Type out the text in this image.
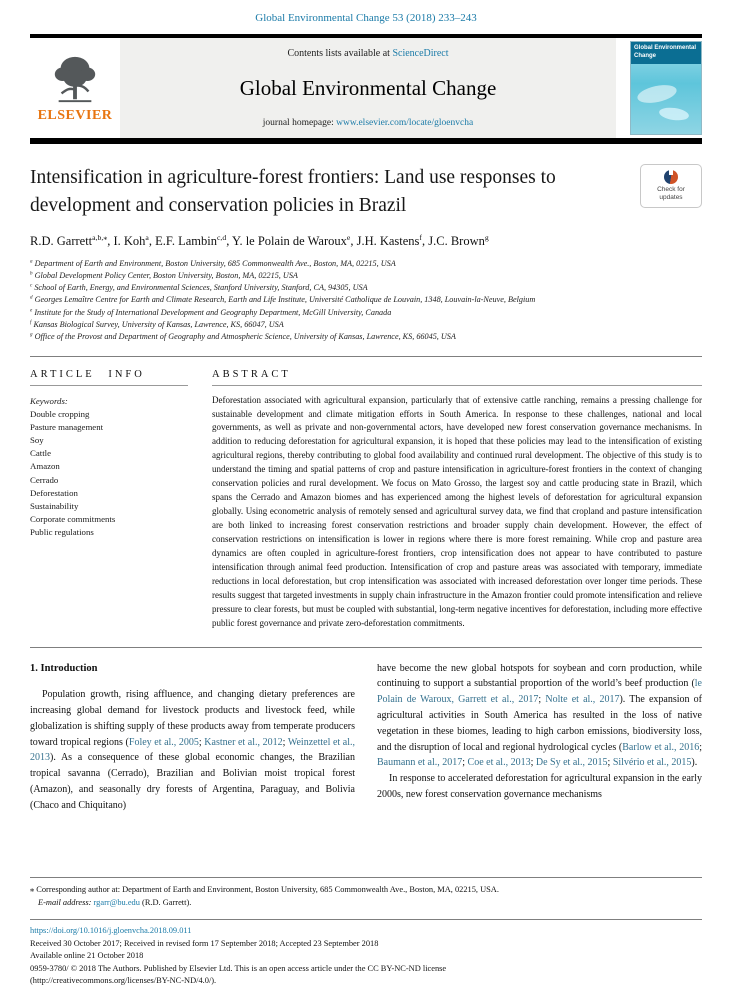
Global Environmental Change 53 (2018) 233–243
ELSEVIER
Contents lists available at ScienceDirect
Global Environmental Change
journal homepage: www.elsevier.com/locate/gloenvcha
Global Environmental Change
Intensification in agriculture-forest frontiers: Land use responses to development and conservation policies in Brazil
Check for
updates
R.D. Garrett$^{a,b,⁎}$, I. Koh$^a$, E.F. Lambin$^{c,d}$, Y. le Polain de Waroux$^e$, J.H. Kastens$^f$, J.C. Brown$^g$
$^a$ Department of Earth and Environment, Boston University, 685 Commonwealth Ave., Boston, MA, 02215, USA
$^b$ Global Development Policy Center, Boston University, Boston, MA, 02215, USA
$^c$ School of Earth, Energy, and Environmental Sciences, Stanford University, Stanford, CA, 94305, USA
$^d$ Georges Lemaître Centre for Earth and Climate Research, Earth and Life Institute, Université Catholique de Louvain, 1348, Louvain-la-Neuve, Belgium
$^e$ Institute for the Study of International Development and Geography Department, McGill University, Canada
$^f$ Kansas Biological Survey, University of Kansas, Lawrence, KS, 66047, USA
$^g$ Office of the Provost and Department of Geography and Atmospheric Science, University of Kansas, Lawrence, KS, 66045, USA
ARTICLE INFO
Keywords:
Double cropping
Pasture management
Soy
Cattle
Amazon
Cerrado
Deforestation
Sustainability
Corporate commitments
Public regulations
ABSTRACT
Deforestation associated with agricultural expansion, particularly that of extensive cattle ranching, remains a pressing challenge for sustainable development and climate mitigation efforts in South America. In response to these challenges, national and local governments, as well as private and non-governmental actors, have developed new forest conservation governance mechanisms. In addition to reducing deforestation for agricultural expansion, it is hoped that these policies may lead to the intensification of existing agricultural regions, thereby contributing to global food availability and continued rural development. The objective of this study is to understand the timing and spatial patterns of crop and pasture intensification in agriculture-forest frontiers in the context of changing conservation policies and rural development. We focus on Mato Grosso, the largest soy and cattle producing state in Brazil, which spans the Cerrado and Amazon biomes and has experienced among the highest levels of deforestation for agricultural expansion globally. Using econometric analysis of remotely sensed and agricultural survey data, we find that cropland and pasture intensification are both linked to increasing forest conservation restrictions and broader supply chain development. However, the effect of conservation restrictions on intensification is lower in regions where there is more forest remaining. While crop and pasture area dynamics are often coupled in agriculture-forest frontiers, crop intensification does not appear to have contributed to pasture intensification through animal feed production. Intensification of crop and pasture areas was associated with temporary, immediate reductions in local deforestation, but crop intensification was associated with increased deforestation over longer time periods. These results suggest that targeted investments in supply chain infrastructure in the Amazon frontier could promote intensification and relieve pressure to clear forests, but must be coupled with substantial, long-term negative incentives for deforestation, including more effective public forest governance and private zero-deforestation commitments.
1. Introduction

Population growth, rising affluence, and changing dietary preferences are increasing global demand for livestock products and livestock feed, while globalization is shifting supply of these products away from temperate producers toward tropical regions (Foley et al., 2005; Kastner et al., 2012; Weinzettel et al., 2013). As a consequence of these global economic changes, the Brazilian tropical savanna (Cerrado), Brazilian and Bolivian moist tropical forest (Amazon), and seasonally dry forests of Argentina, Paraguay, and Bolivia (Chaco and Chiquitano)

have become the new global hotspots for soybean and corn production, while continuing to support a substantial proportion of the world’s beef production (le Polain de Waroux, Garrett et al., 2017; Nolte et al., 2017). The expansion of agricultural activities in South America has resulted in the loss of native vegetation in these biomes, leading to high carbon emissions, biodiversity loss, and the disruption of local and regional hydrological cycles (Barlow et al., 2016; Baumann et al., 2017; Coe et al., 2013; De Sy et al., 2015; Silvério et al., 2015).

In response to accelerated deforestation for agricultural expansion in the early 2000s, new forest conservation governance mechanisms

⁎ Corresponding author at: Department of Earth and Environment, Boston University, 685 Commonwealth Ave., Boston, MA, 02215, USA.
E-mail address: rgarr@bu.edu (R.D. Garrett).
https://doi.org/10.1016/j.gloenvcha.2018.09.011
Received 30 October 2017; Received in revised form 17 September 2018; Accepted 23 September 2018
Available online 21 October 2018
0959-3780/ © 2018 The Authors. Published by Elsevier Ltd. This is an open access article under the CC BY-NC-ND license
(http://creativecommons.org/licenses/BY-NC-ND/4.0/).
